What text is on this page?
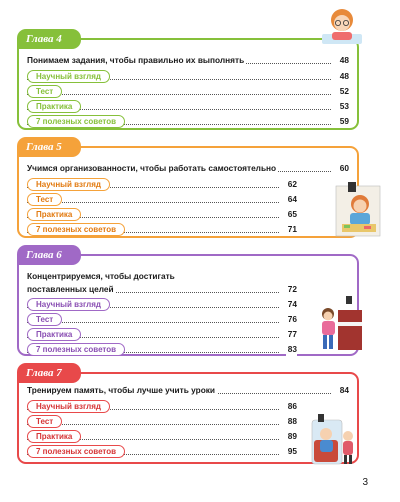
Глава 4
Понимаем задания, чтобы правильно их выполнять	48
Научный взгляд	48
Тест	52
Практика	53
7 полезных советов	59
Глава 5
Учимся организованности, чтобы работать самостоятельно	60
Научный взгляд	62
Тест	64
Практика	65
7 полезных советов	71
Глава 6
Концентрируемся, чтобы достигать
поставленных целей	72
Научный взгляд	74
Тест	76
Практика	77
7 полезных советов	83
Глава 7
Тренируем память, чтобы лучше учить уроки	84
Научный взгляд	86
Тест	88
Практика	89
7 полезных советов	95
3
